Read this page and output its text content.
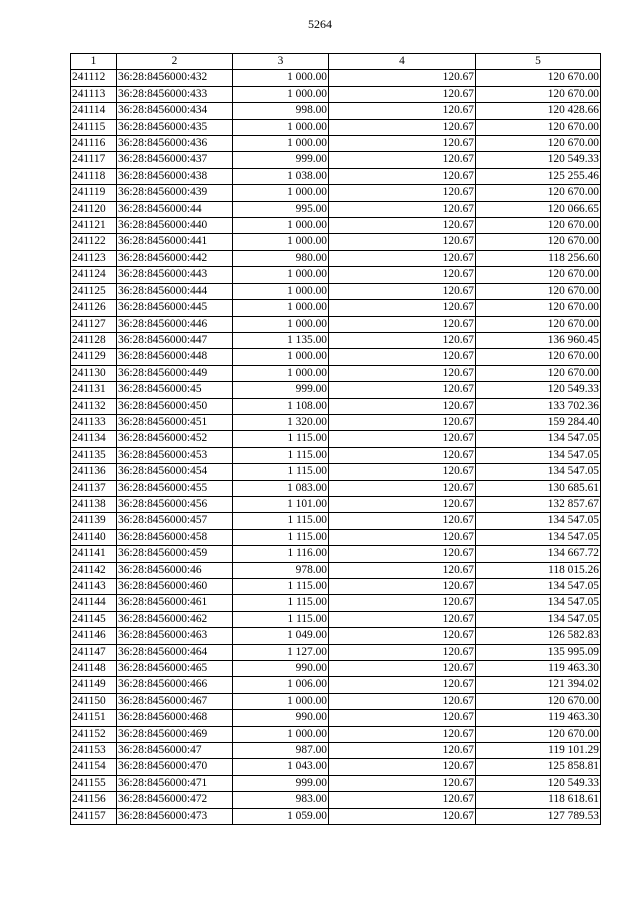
5264
1	2	3	4	5
241112	36:28:8456000:432	1 000.00	120.67	120 670.00
241113	36:28:8456000:433	1 000.00	120.67	120 670.00
241114	36:28:8456000:434	998.00	120.67	120 428.66
241115	36:28:8456000:435	1 000.00	120.67	120 670.00
241116	36:28:8456000:436	1 000.00	120.67	120 670.00
241117	36:28:8456000:437	999.00	120.67	120 549.33
241118	36:28:8456000:438	1 038.00	120.67	125 255.46
241119	36:28:8456000:439	1 000.00	120.67	120 670.00
241120	36:28:8456000:44	995.00	120.67	120 066.65
241121	36:28:8456000:440	1 000.00	120.67	120 670.00
241122	36:28:8456000:441	1 000.00	120.67	120 670.00
241123	36:28:8456000:442	980.00	120.67	118 256.60
241124	36:28:8456000:443	1 000.00	120.67	120 670.00
241125	36:28:8456000:444	1 000.00	120.67	120 670.00
241126	36:28:8456000:445	1 000.00	120.67	120 670.00
241127	36:28:8456000:446	1 000.00	120.67	120 670.00
241128	36:28:8456000:447	1 135.00	120.67	136 960.45
241129	36:28:8456000:448	1 000.00	120.67	120 670.00
241130	36:28:8456000:449	1 000.00	120.67	120 670.00
241131	36:28:8456000:45	999.00	120.67	120 549.33
241132	36:28:8456000:450	1 108.00	120.67	133 702.36
241133	36:28:8456000:451	1 320.00	120.67	159 284.40
241134	36:28:8456000:452	1 115.00	120.67	134 547.05
241135	36:28:8456000:453	1 115.00	120.67	134 547.05
241136	36:28:8456000:454	1 115.00	120.67	134 547.05
241137	36:28:8456000:455	1 083.00	120.67	130 685.61
241138	36:28:8456000:456	1 101.00	120.67	132 857.67
241139	36:28:8456000:457	1 115.00	120.67	134 547.05
241140	36:28:8456000:458	1 115.00	120.67	134 547.05
241141	36:28:8456000:459	1 116.00	120.67	134 667.72
241142	36:28:8456000:46	978.00	120.67	118 015.26
241143	36:28:8456000:460	1 115.00	120.67	134 547.05
241144	36:28:8456000:461	1 115.00	120.67	134 547.05
241145	36:28:8456000:462	1 115.00	120.67	134 547.05
241146	36:28:8456000:463	1 049.00	120.67	126 582.83
241147	36:28:8456000:464	1 127.00	120.67	135 995.09
241148	36:28:8456000:465	990.00	120.67	119 463.30
241149	36:28:8456000:466	1 006.00	120.67	121 394.02
241150	36:28:8456000:467	1 000.00	120.67	120 670.00
241151	36:28:8456000:468	990.00	120.67	119 463.30
241152	36:28:8456000:469	1 000.00	120.67	120 670.00
241153	36:28:8456000:47	987.00	120.67	119 101.29
241154	36:28:8456000:470	1 043.00	120.67	125 858.81
241155	36:28:8456000:471	999.00	120.67	120 549.33
241156	36:28:8456000:472	983.00	120.67	118 618.61
241157	36:28:8456000:473	1 059.00	120.67	127 789.53
